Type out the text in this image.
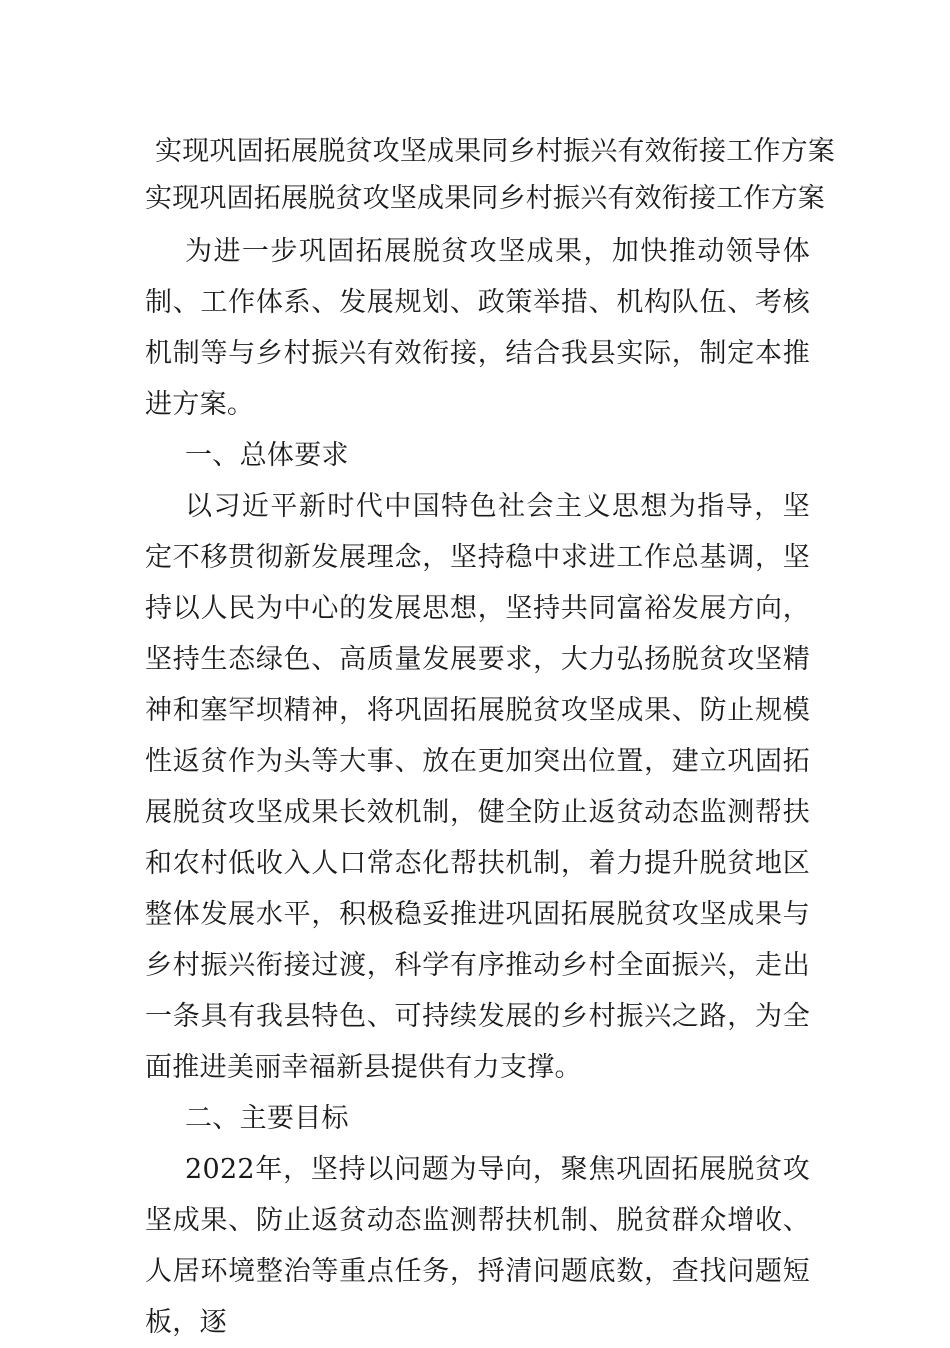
实现巩固拓展脱贫攻坚成果同乡村振兴有效衔接工作方案
实现巩固拓展脱贫攻坚成果同乡村振兴有效衔接工作方案

为进一步巩固拓展脱贫攻坚成果，加快推动领导体制、工作体系、发展规划、政策举措、机构队伍、考核机制等与乡村振兴有效衔接，结合我县实际，制定本推进方案。

一、总体要求

以习近平新时代中国特色社会主义思想为指导，坚定不移贯彻新发展理念，坚持稳中求进工作总基调，坚持以人民为中心的发展思想，坚持共同富裕发展方向，坚持生态绿色、高质量发展要求，大力弘扬脱贫攻坚精神和塞罕坝精神，将巩固拓展脱贫攻坚成果、防止规模性返贫作为头等大事、放在更加突出位置，建立巩固拓展脱贫攻坚成果长效机制，健全防止返贫动态监测帮扶和农村低收入人口常态化帮扶机制，着力提升脱贫地区整体发展水平，积极稳妥推进巩固拓展脱贫攻坚成果与乡村振兴衔接过渡，科学有序推动乡村全面振兴，走出一条具有我县特色、可持续发展的乡村振兴之路，为全面推进美丽幸福新县提供有力支撑。

二、主要目标

2022年，坚持以问题为导向，聚焦巩固拓展脱贫攻坚成果、防止返贫动态监测帮扶机制、脱贫群众增收、人居环境整治等重点任务，捋清问题底数，查找问题短板，逐
